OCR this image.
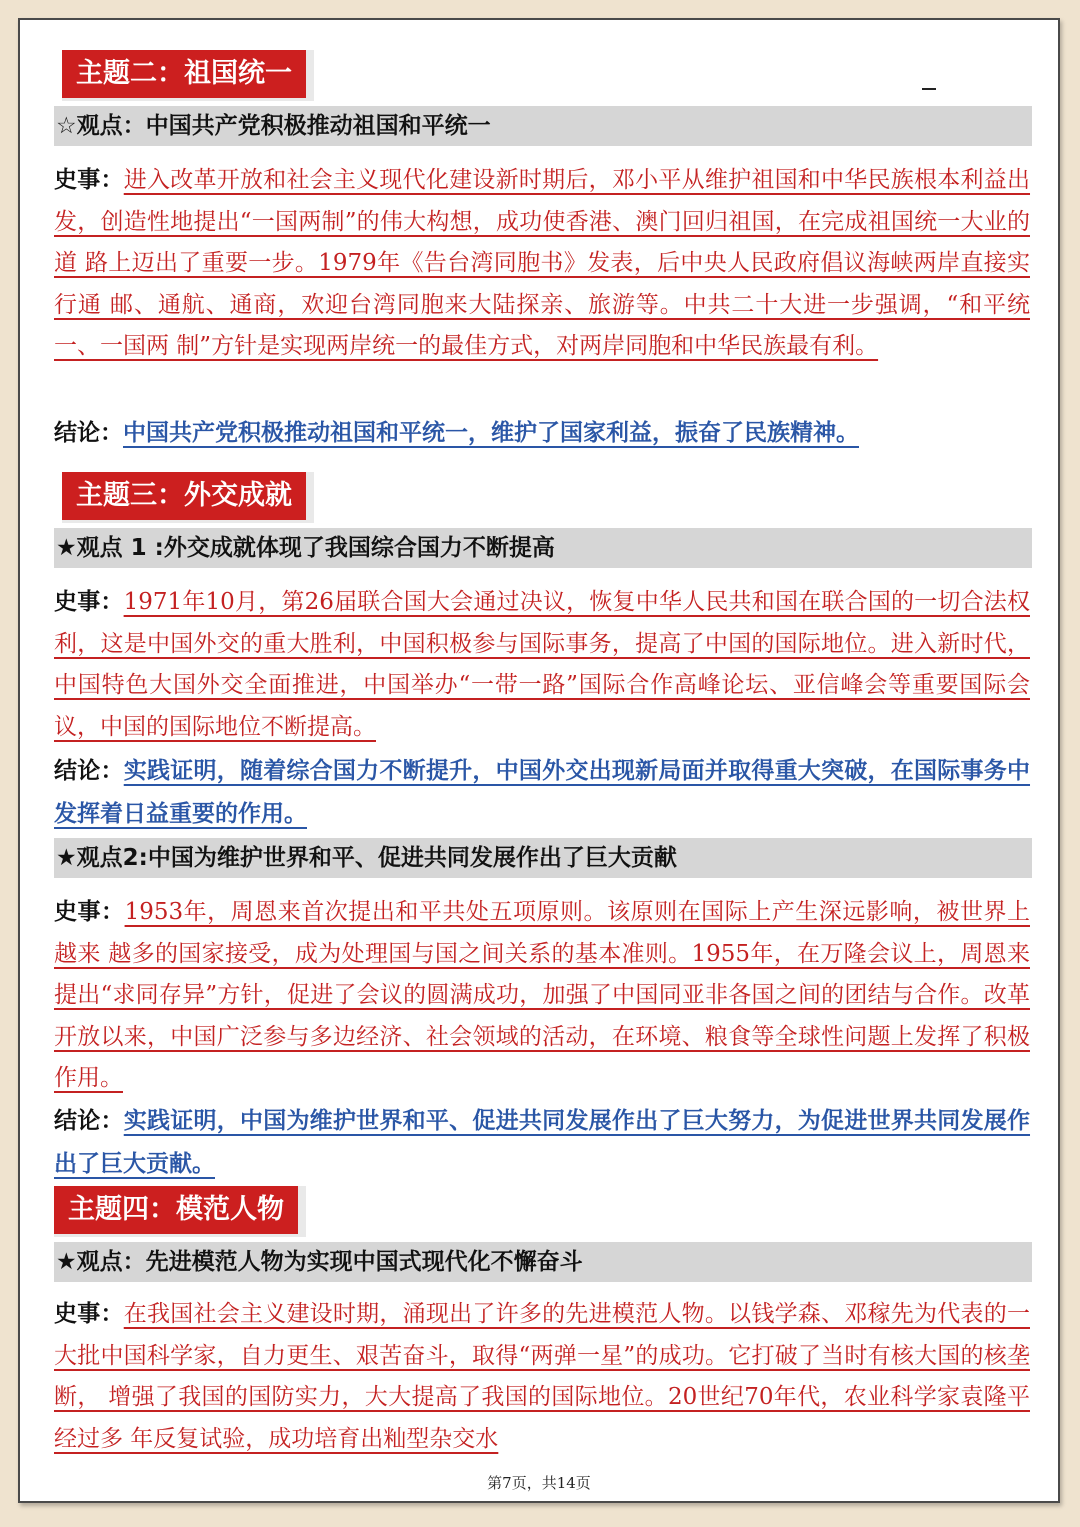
主题二：祖国统一
☆观点：中国共产党积极推动祖国和平统一
史事：进入改革开放和社会主义现代化建设新时期后，邓小平从维护祖国和中华民族根本利益出发，创造性地提出“一国两制”的伟大构想，成功使香港、澳门回归祖国，在完成祖国统一大业的道 路上迈出了重要一步。1979年《告台湾同胞书》发表，后中央人民政府倡议海峡两岸直接实行通 邮、通航、通商，欢迎台湾同胞来大陆探亲、旅游等。中共二十大进一步强调，“和平统一、一国两 制”方针是实现两岸统一的最佳方式，对两岸同胞和中华民族最有利。
结论：中国共产党积极推动祖国和平统一，维护了国家利益，振奋了民族精神。
主题三：外交成就
★观点 1 :外交成就体现了我国综合国力不断提高
史事：1971年10月，第26届联合国大会通过决议，恢复中华人民共和国在联合国的一切合法权利，这是中国外交的重大胜利，中国积极参与国际事务，提高了中国的国际地位。进入新时代，中国特色大国外交全面推进，中国举办“一带一路”国际合作高峰论坛、亚信峰会等重要国际会议，中国的国际地位不断提高。
结论：实践证明，随着综合国力不断提升，中国外交出现新局面并取得重大突破，在国际事务中发挥着日益重要的作用。
★观点2:中国为维护世界和平、促进共同发展作出了巨大贡献
史事：1953年，周恩来首次提出和平共处五项原则。该原则在国际上产生深远影响，被世界上越来 越多的国家接受，成为处理国与国之间关系的基本准则。1955年，在万隆会议上，周恩来提出“求同存异”方针，促进了会议的圆满成功，加强了中国同亚非各国之间的团结与合作。改革开放以来，中国广泛参与多边经济、社会领域的活动，在环境、粮食等全球性问题上发挥了积极作用。
结论：实践证明，中国为维护世界和平、促进共同发展作出了巨大努力，为促进世界共同发展作出了巨大贡献。
主题四：模范人物
★观点：先进模范人物为实现中国式现代化不懈奋斗
史事：在我国社会主义建设时期，涌现出了许多的先进模范人物。以钱学森、邓稼先为代表的一大批中国科学家，自力更生、艰苦奋斗，取得“两弹一星”的成功。它打破了当时有核大国的核垄断， 增强了我国的国防实力，大大提高了我国的国际地位。20世纪70年代，农业科学家袁隆平经过多 年反复试验，成功培育出籼型杂交水
第7页，共14页
